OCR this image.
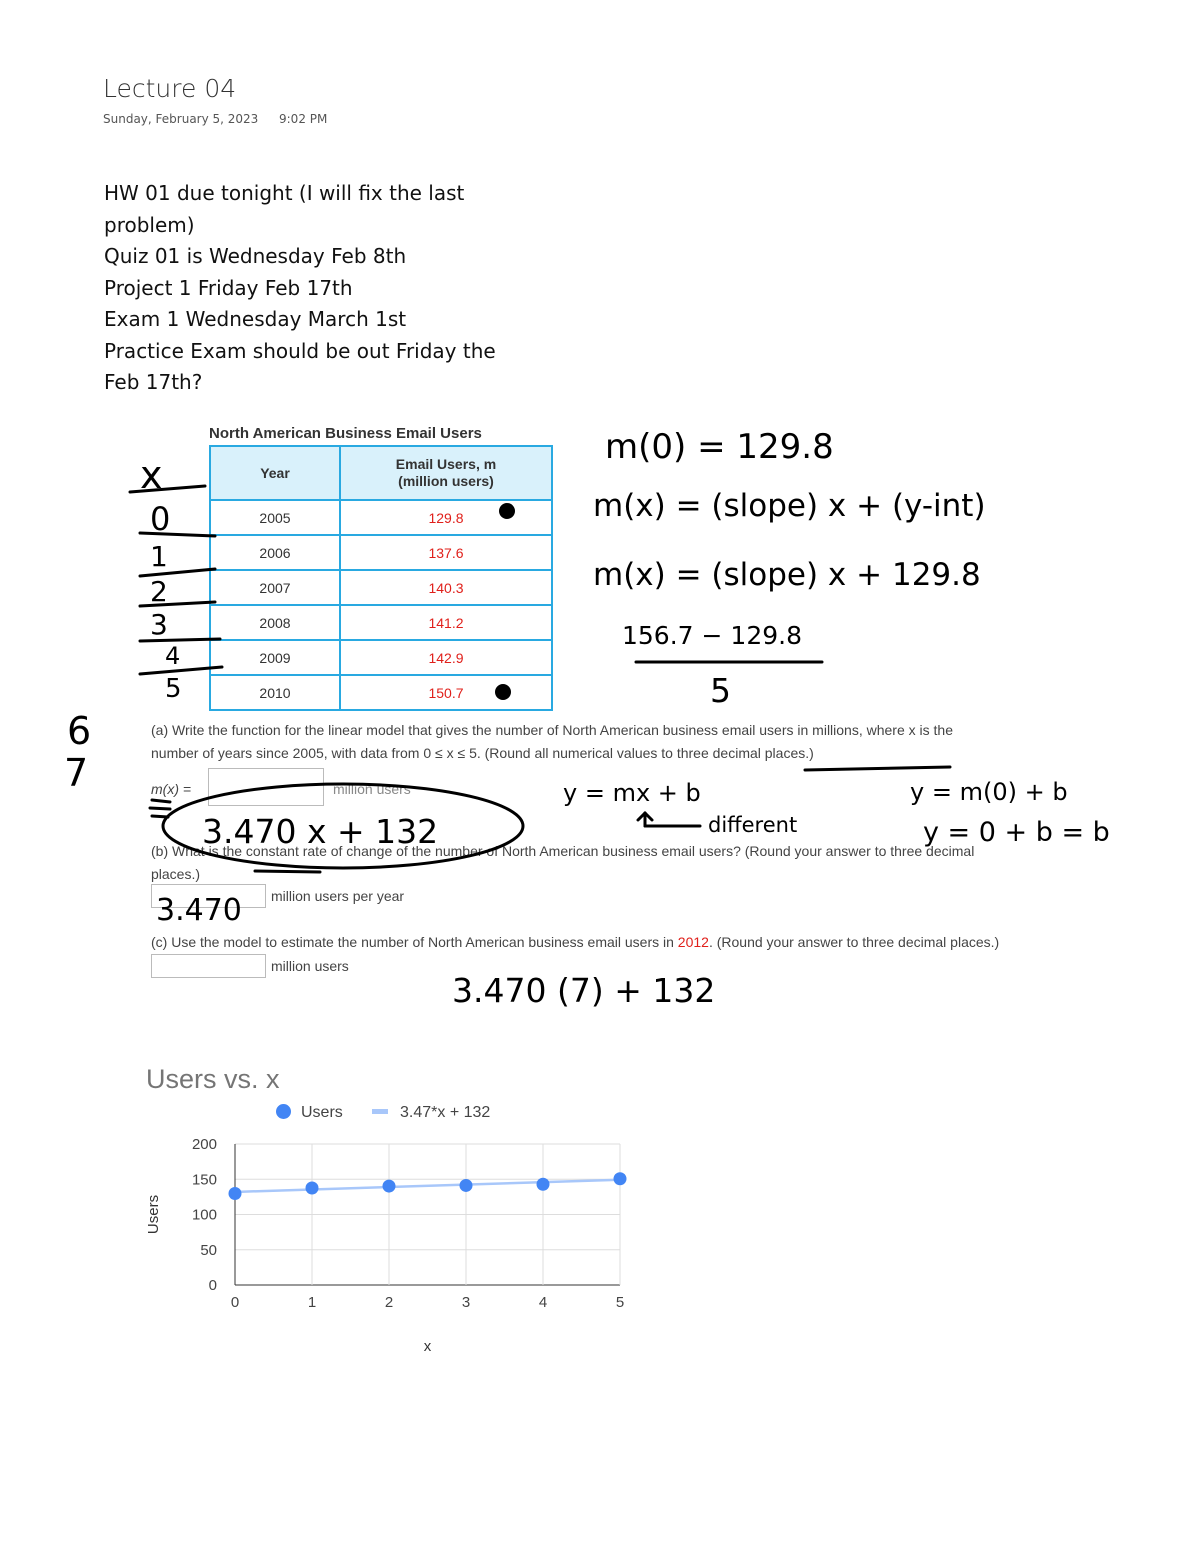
Lecture 04
Sunday, February 5, 2023 9:02 PM
HW 01 due tonight (I will fix the last
problem)
Quiz 01 is Wednesday Feb 8th
Project 1 Friday Feb 17th
Exam 1 Wednesday March 1st
Practice Exam should be out Friday the
Feb 17th?
North American Business Email Users
Year	Email Users, m
(million users)

2005	129.8
2006	137.6
2007	140.3
2008	141.2
2009	142.9
2010	150.7
(a) Write the function for the linear model that gives the number of North American business email users in millions, where x is the
number of years since 2005, with data from 0 ≤ x ≤ 5. (Round all numerical values to three decimal places.)
m(x) =	million users
(b) What is the constant rate of change of the number of North American business email users? (Round your answer to three decimal
places.)
million users per year
(c) Use the model to estimate the number of North American business email users in 2012. (Round your answer to three decimal places.)
million users
x
0
1
2
3
4
5
6
7
m(0) = 129.8
m(x) = (slope) x + (y-int)
m(x) = (slope) x + 129.8
156.7 − 129.8
5
y = mx + b
different
y = m(0) + b
y = 0 + b = b
3.470 x + 132
3.470
3.470 (7) + 132
Users vs. x
Users	3.47*x + 132
0
50
100
150
200
0	1	2	3	4	5
Users
x
